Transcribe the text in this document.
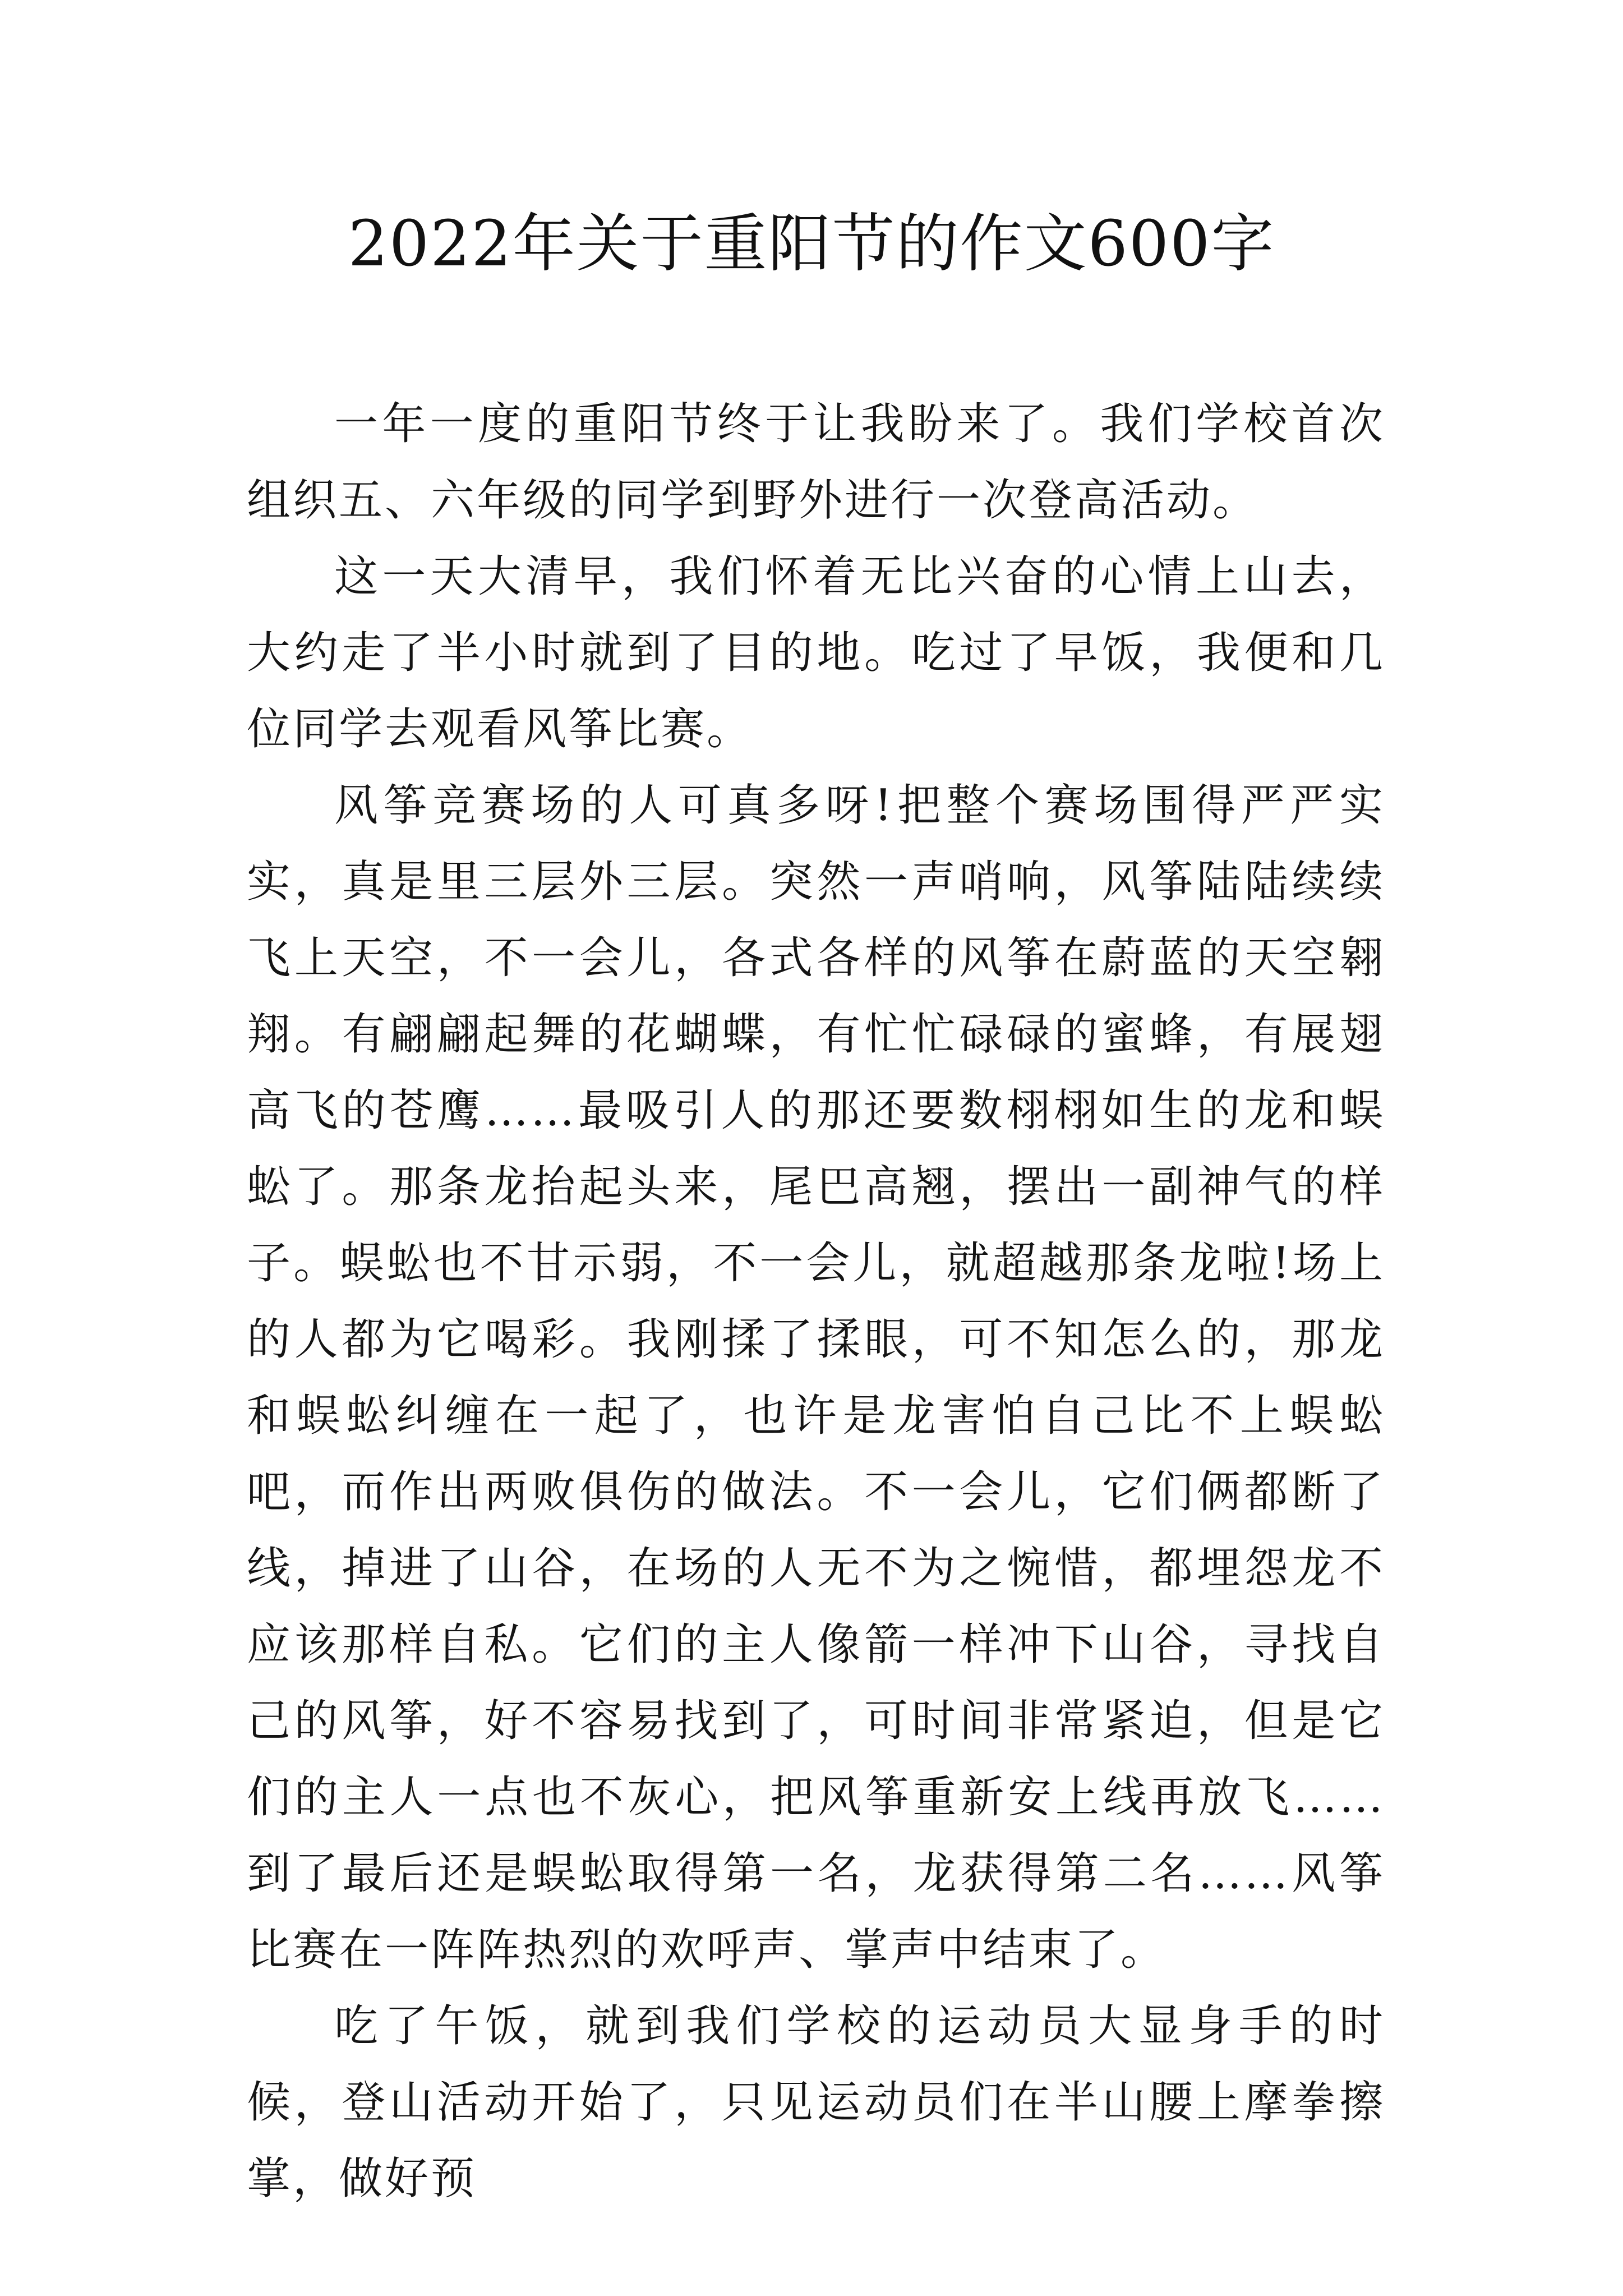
2022年关于重阳节的作文600字

一年一度的重阳节终于让我盼来了。我们学校首次组织五、六年级的同学到野外进行一次登高活动。

这一天大清早，我们怀着无比兴奋的心情上山去，大约走了半小时就到了目的地。吃过了早饭，我便和几位同学去观看风筝比赛。

风筝竞赛场的人可真多呀!把整个赛场围得严严实实，真是里三层外三层。突然一声哨响，风筝陆陆续续飞上天空，不一会儿，各式各样的风筝在蔚蓝的天空翱翔。有翩翩起舞的花蝴蝶，有忙忙碌碌的蜜蜂，有展翅高飞的苍鹰……最吸引人的那还要数栩栩如生的龙和蜈蚣了。那条龙抬起头来，尾巴高翘，摆出一副神气的样子。蜈蚣也不甘示弱，不一会儿，就超越那条龙啦!场上的人都为它喝彩。我刚揉了揉眼，可不知怎么的，那龙和蜈蚣纠缠在一起了，也许是龙害怕自己比不上蜈蚣吧，而作出两败俱伤的做法。不一会儿，它们俩都断了线，掉进了山谷，在场的人无不为之惋惜，都埋怨龙不应该那样自私。它们的主人像箭一样冲下山谷，寻找自己的风筝，好不容易找到了，可时间非常紧迫，但是它们的主人一点也不灰心，把风筝重新安上线再放飞……到了最后还是蜈蚣取得第一名，龙获得第二名……风筝比赛在一阵阵热烈的欢呼声、掌声中结束了。

吃了午饭，就到我们学校的运动员大显身手的时候，登山活动开始了，只见运动员们在半山腰上摩拳擦掌，做好预
